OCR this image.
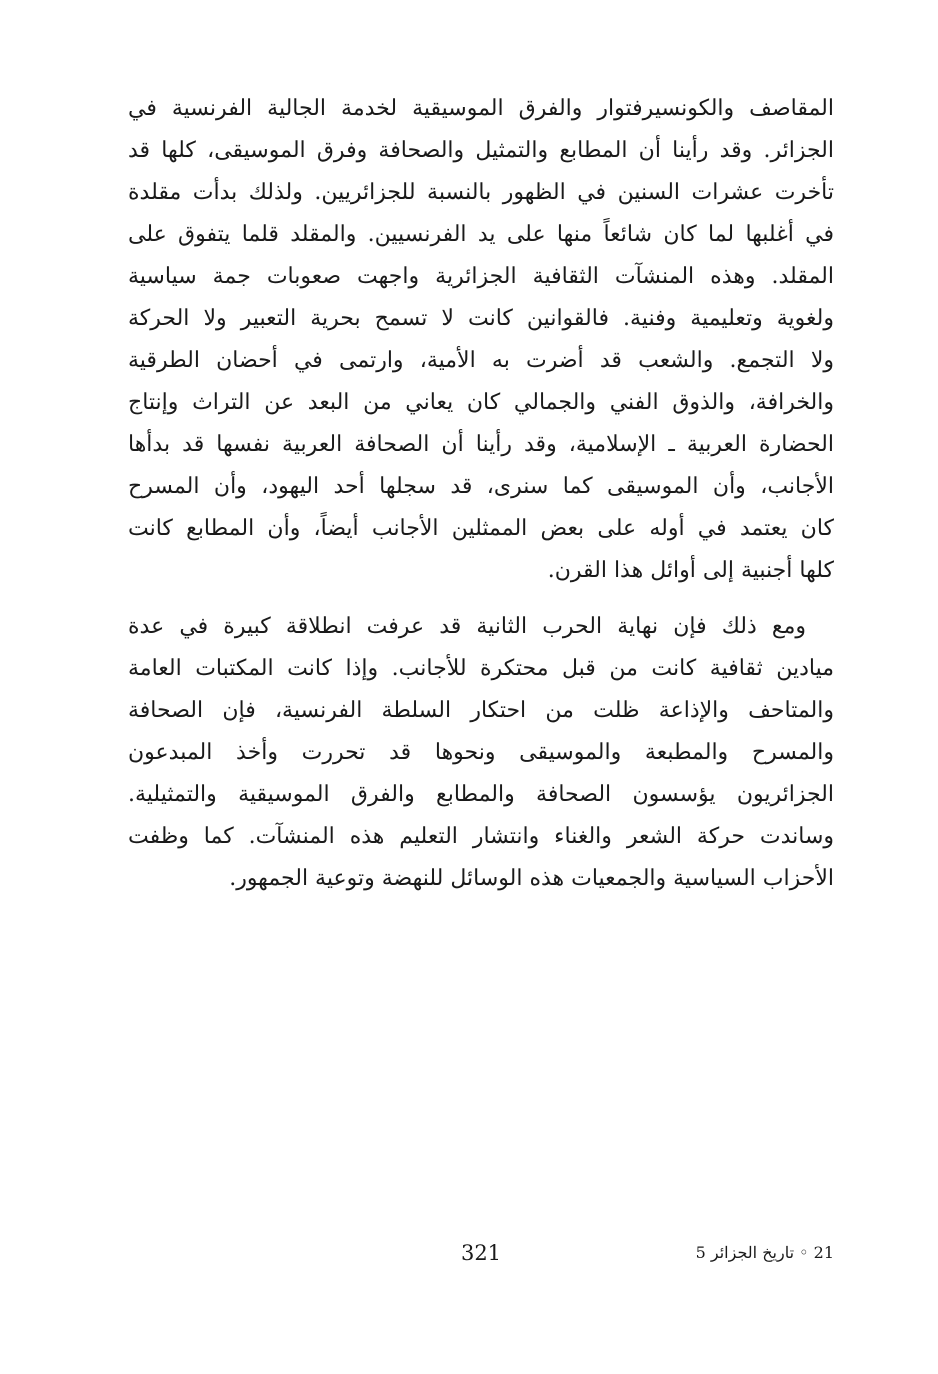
المقاصف والكونسيرفتوار والفرق الموسيقية لخدمة الجالية الفرنسية في
الجزائر. وقد رأينا أن المطابع والتمثيل والصحافة وفرق الموسيقى، كلها قد
تأخرت عشرات السنين في الظهور بالنسبة للجزائريين. ولذلك بدأت مقلدة
في أغلبها لما كان شائعاً منها على يد الفرنسيين. والمقلد قلما يتفوق على
المقلد. وهذه المنشآت الثقافية الجزائرية واجهت صعوبات جمة سياسية
ولغوية وتعليمية وفنية. فالقوانين كانت لا تسمح بحرية التعبير ولا الحركة
ولا التجمع. والشعب قد أضرت به الأمية، وارتمى في أحضان الطرقية
والخرافة، والذوق الفني والجمالي كان يعاني من البعد عن التراث وإنتاج
الحضارة العربية ـ الإسلامية، وقد رأينا أن الصحافة العربية نفسها قد بدأها
الأجانب، وأن الموسيقى كما سنرى، قد سجلها أحد اليهود، وأن المسرح
كان يعتمد في أوله على بعض الممثلين الأجانب أيضاً، وأن المطابع كانت
كلها أجنبية إلى أوائل هذا القرن.
ومع ذلك فإن نهاية الحرب الثانية قد عرفت انطلاقة كبيرة في عدة
ميادين ثقافية كانت من قبل محتكرة للأجانب. وإذا كانت المكتبات العامة
والمتاحف والإذاعة ظلت من احتكار السلطة الفرنسية، فإن الصحافة
والمسرح والمطبعة والموسيقى ونحوها قد تحررت وأخذ المبدعون
الجزائريون يؤسسون الصحافة والمطابع والفرق الموسيقية والتمثيلية.
وساندت حركة الشعر والغناء وانتشار التعليم هذه المنشآت. كما وظفت
الأحزاب السياسية والجمعيات هذه الوسائل للنهضة وتوعية الجمهور.
321	21 ◦ تاريخ الجزائر 5
